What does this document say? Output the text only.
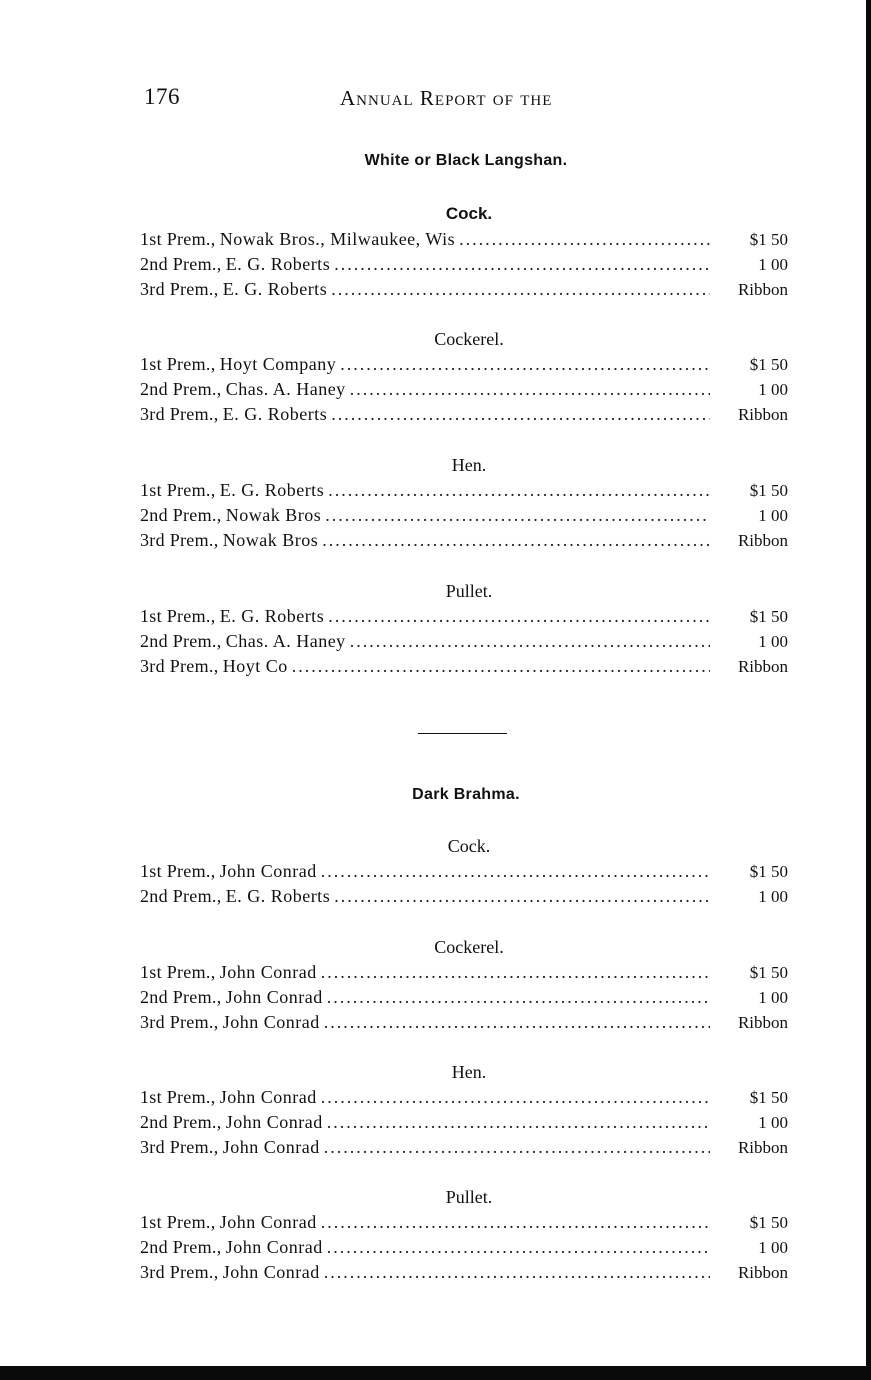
176	Annual Report of the
White or Black Langshan.
Cock.
1st Prem. , Nowak Bros., Milwaukee, Wis .....	$1 50
2nd Prem. , E. G. Roberts .....	1 00
3rd Prem. , E. G. Roberts .....	Ribbon
Cockerel.
1st Prem. , Hoyt Company .....	$1 50
2nd Prem. , Chas. A. Haney .....	1 00
3rd Prem. , E. G. Roberts .....	Ribbon
Hen.
1st Prem. , E. G. Roberts .....	$1 50
2nd Prem. , Nowak Bros .....	1 00
3rd Prem. , Nowak Bros .....	Ribbon
Pullet.
1st Prem. , E. G. Roberts .....	$1 50
2nd Prem. , Chas. A. Haney .....	1 00
3rd Prem. , Hoyt Co .....	Ribbon
Dark Brahma.
Cock.
1st Prem. , John Conrad .....	$1 50
2nd Prem. , E. G. Roberts .....	1 00
Cockerel.
1st Prem. , John Conrad .....	$1 50
2nd Prem. , John Conrad .....	1 00
3rd Prem. , John Conrad .....	Ribbon
Hen.
1st Prem. , John Conrad .....	$1 50
2nd Prem. , John Conrad .....	1 00
3rd Prem. , John Conrad .....	Ribbon
Pullet.
1st Prem. , John Conrad .....	$1 50
2nd Prem. , John Conrad .....	1 00
3rd Prem. , John Conrad .....	Ribbon
